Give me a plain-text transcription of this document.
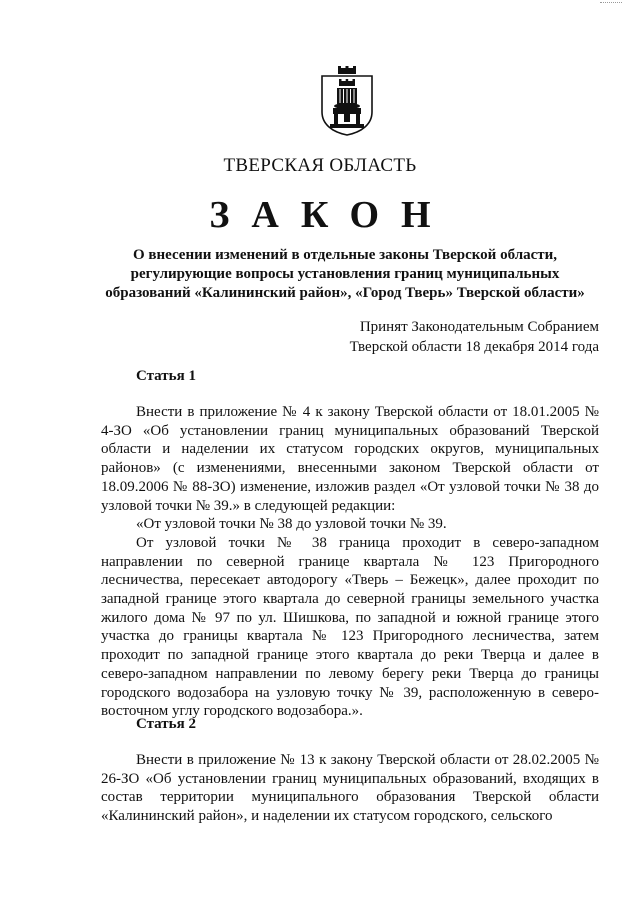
ТВЕРСКАЯ ОБЛАСТЬ
ЗАКОН
О внесении изменений в отдельные законы Тверской области,
регулирующие вопросы установления границ муниципальных
образований «Калининский район», «Город Тверь» Тверской области»
Принят Законодательным Собранием
Тверской области 18 декабря 2014 года
Статья 1

Внести в приложение № 4 к закону Тверской области от 18.01.2005 № 4-ЗО «Об установлении границ муниципальных образований Тверской области и наделении их статусом городских округов, муниципальных районов» (с изменениями, внесенными законом Тверской области от 18.09.2006 № 88-ЗО) изменение, изложив раздел «От узловой точки № 38 до узловой точки № 39.» в следующей редакции:

«От узловой точки № 38 до узловой точки № 39.

От узловой точки № 38 граница проходит в северо-западном направлении по северной границе квартала № 123 Пригородного лесничества, пересекает автодорогу «Тверь – Бежецк», далее проходит по западной границе этого квартала до северной границы земельного участка жилого дома № 97 по ул. Шишкова, по западной и южной границе этого участка до границы квартала № 123 Пригородного лесничества, затем проходит по западной границе этого квартала до реки Тверца и далее в северо-западном направлении по левому берегу реки Тверца до границы городского водозабора на узловую точку № 39, расположенную в северо-восточном углу городского водозабора.».

Статья 2

Внести в приложение № 13 к закону Тверской области от 28.02.2005 № 26-ЗО «Об установлении границ муниципальных образований, входящих в состав территории муниципального образования Тверской области «Калининский район», и наделении их статусом городского, сельского
